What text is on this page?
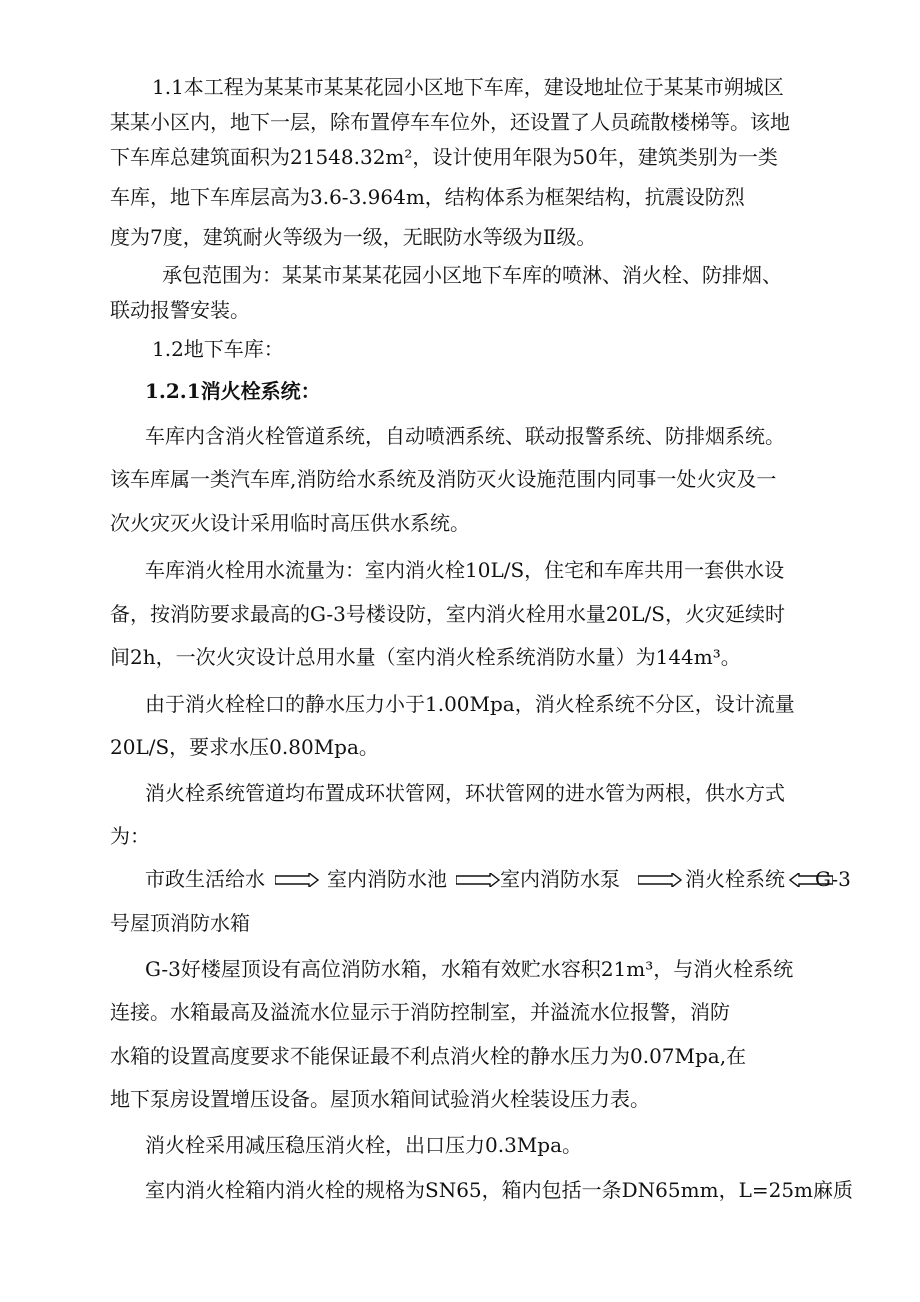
1.1本工程为某某市某某花园小区地下车库，建设地址位于某某市朔城区
某某小区内，地下一层，除布置停车车位外，还设置了人员疏散楼梯等。该地
下车库总建筑面积为21548.32m²，设计使用年限为50年，建筑类别为一类
车库，地下车库层高为3.6-3.964m，结构体系为框架结构，抗震设防烈
度为7度，建筑耐火等级为一级，无眠防水等级为Ⅱ级。
承包范围为：某某市某某花园小区地下车库的喷淋、消火栓、防排烟、
联动报警安装。
1.2地下车库：
1.2.1消火栓系统：
车库内含消火栓管道系统，自动喷洒系统、联动报警系统、防排烟系统。
该车库属一类汽车库,消防给水系统及消防灭火设施范围内同事一处火灾及一
次火灾灭火设计采用临时高压供水系统。
车库消火栓用水流量为：室内消火栓10L/S，住宅和车库共用一套供水设
备，按消防要求最高的G-3号楼设防，室内消火栓用水量20L/S，火灾延续时
间2h，一次火灾设计总用水量（室内消火栓系统消防水量）为144m³。
由于消火栓栓口的静水压力小于1.00Mpa，消火栓系统不分区，设计流量
20L/S，要求水压0.80Mpa。
消火栓系统管道均布置成环状管网，环状管网的进水管为两根，供水方式
为：
市政生活给水	室内消防水池	室内消防水泵	消火栓系统 G-3
号屋顶消防水箱
G-3好楼屋顶设有高位消防水箱，水箱有效贮水容积21m³，与消火栓系统
连接。水箱最高及溢流水位显示于消防控制室，并溢流水位报警，消防
水箱的设置高度要求不能保证最不利点消火栓的静水压力为0.07Mpa,在
地下泵房设置增压设备。屋顶水箱间试验消火栓装设压力表。
消火栓采用减压稳压消火栓，出口压力0.3Mpa。
室内消火栓箱内消火栓的规格为SN65，箱内包括一条DN65mm，L=25m麻质
